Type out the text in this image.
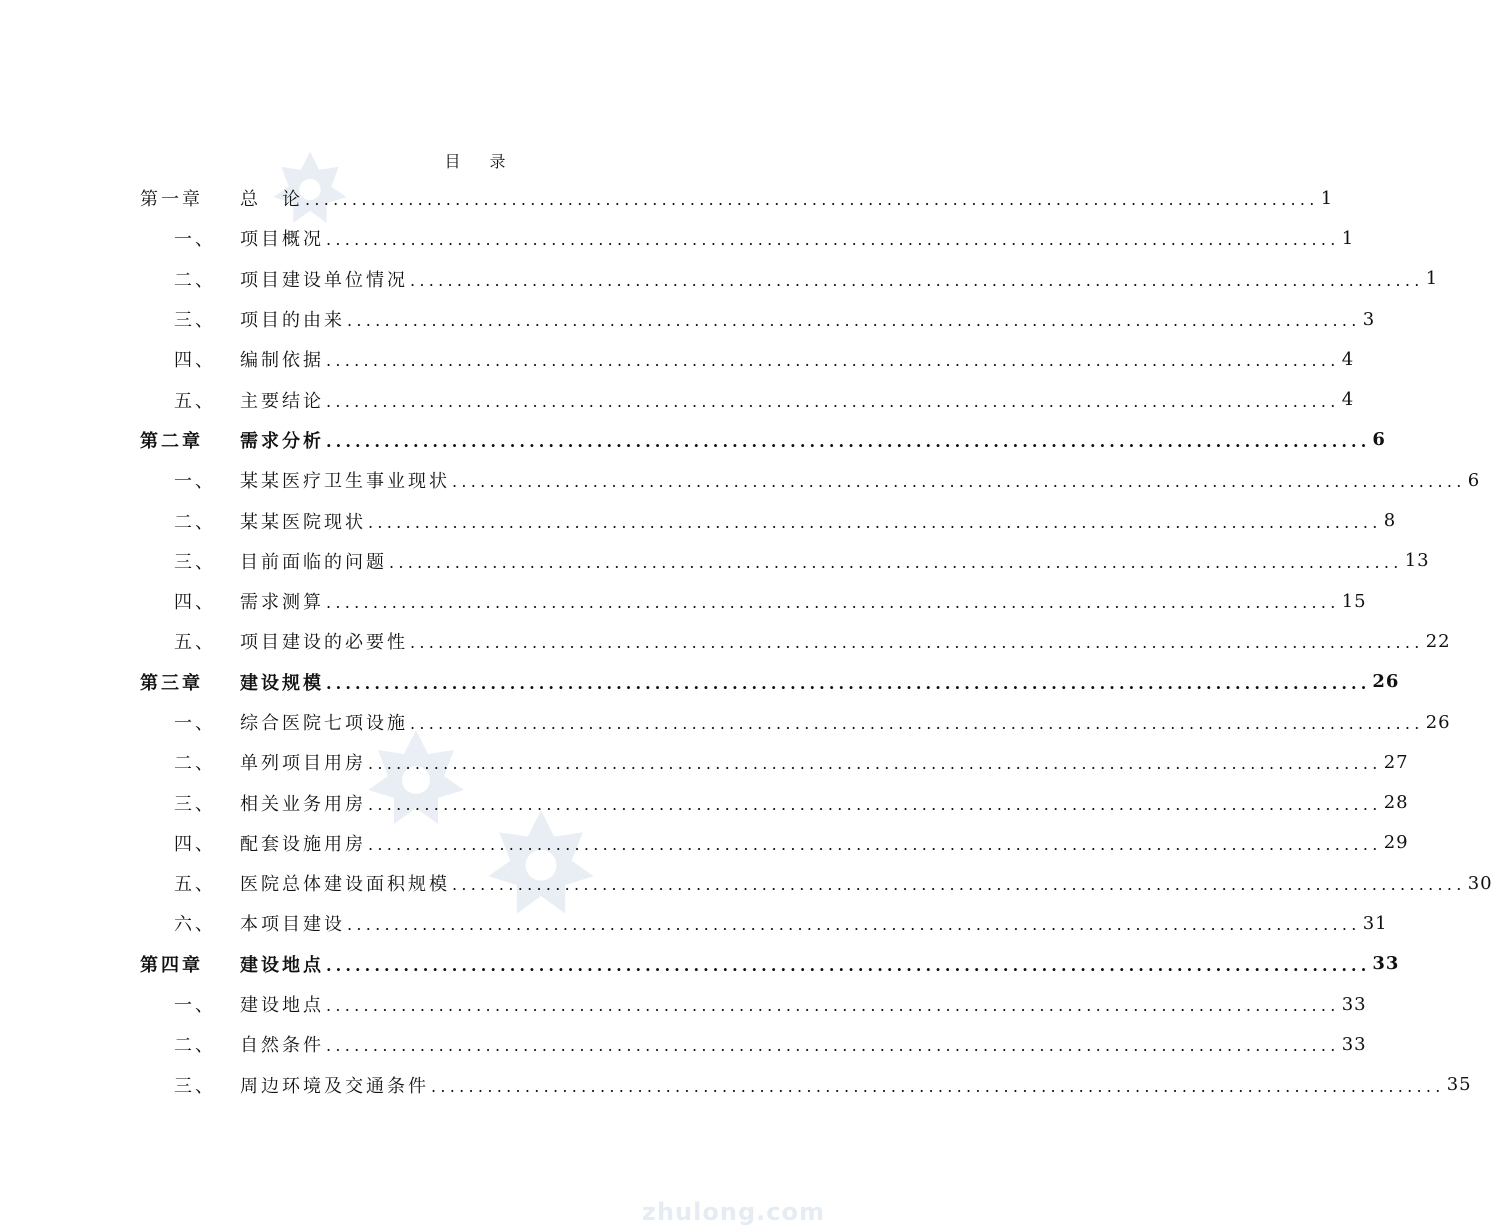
目 录
第一章	总　论 ............................................................................................................ 1
一、	项目概况 ............................................................................................................ 1
二、	项目建设单位情况 ............................................................................................................ 1
三、	项目的由来 ............................................................................................................ 3
四、	编制依据 ............................................................................................................ 4
五、	主要结论 ............................................................................................................ 4
第二章	需求分析 ............................................................................................................ 6
一、	某某医疗卫生事业现状 ............................................................................................................ 6
二、	某某医院现状 ............................................................................................................ 8
三、	目前面临的问题 ............................................................................................................ 13
四、	需求测算 ............................................................................................................ 15
五、	项目建设的必要性 ............................................................................................................ 22
第三章	建设规模 ............................................................................................................ 26
一、	综合医院七项设施 ............................................................................................................ 26
二、	单列项目用房 ............................................................................................................ 27
三、	相关业务用房 ............................................................................................................ 28
四、	配套设施用房 ............................................................................................................ 29
五、	医院总体建设面积规模 ............................................................................................................ 30
六、	本项目建设 ............................................................................................................ 31
第四章	建设地点 ............................................................................................................ 33
一、	建设地点 ............................................................................................................ 33
二、	自然条件 ............................................................................................................ 33
三、	周边环境及交通条件 ............................................................................................................ 35
zhulong.com
